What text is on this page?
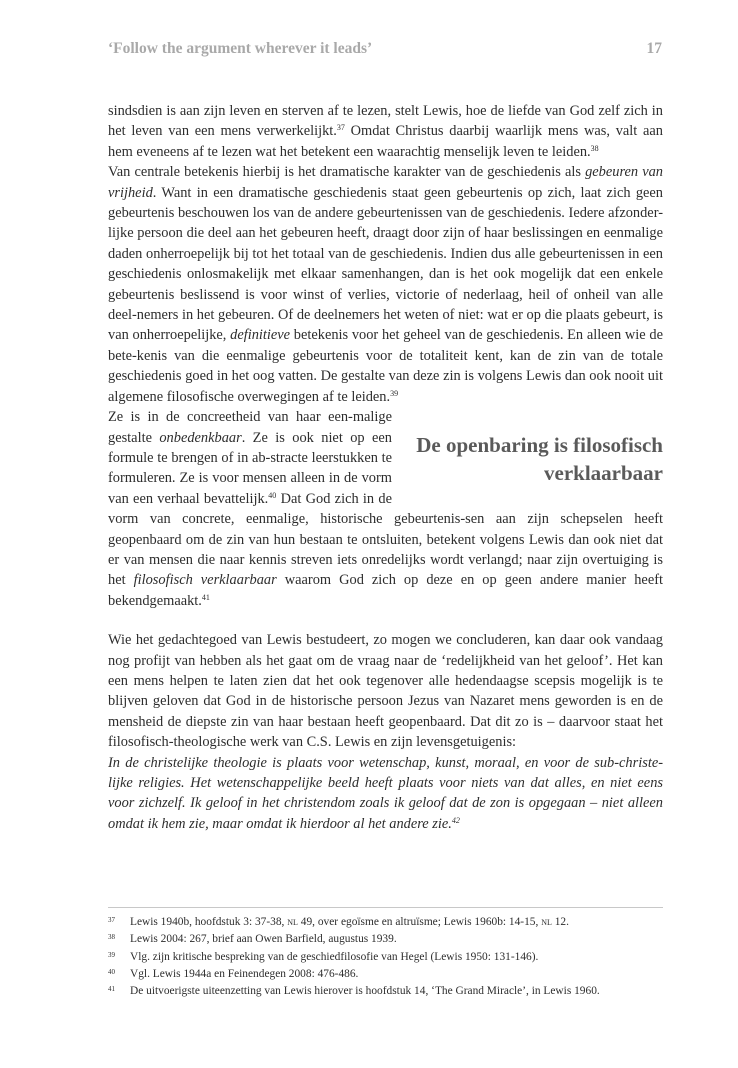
‘Follow the argument wherever it leads’	17

sindsdien is aan zijn leven en sterven af te lezen, stelt Lewis, hoe de liefde van God zelf zich in het leven van een mens verwerkelijkt.$^{37}$ Omdat Christus daarbij waarlijk mens was, valt aan hem eveneens af te lezen wat het betekent een waarachtig menselijk leven te leiden.$^{38}$

Van centrale betekenis hierbij is het dramatische karakter van de geschiedenis als gebeuren van vrijheid. Want in een dramatische geschiedenis staat geen gebeurtenis op zich, laat zich geen gebeurtenis beschouwen los van de andere gebeurtenissen van de geschiedenis. Iedere afzonder-lijke persoon die deel aan het gebeuren heeft, draagt door zijn of haar beslissingen en eenmalige daden onherroepelijk bij tot het totaal van de geschiedenis. Indien dus alle gebeurtenissen in een geschiedenis onlosmakelijk met elkaar samenhangen, dan is het ook mogelijk dat een enkele gebeurtenis beslissend is voor winst of verlies, victorie of nederlaag, heil of onheil van alle deel-nemers in het gebeuren. Of de deelnemers het weten of niet: wat er op die plaats gebeurt, is van onherroepelijke, definitieve betekenis voor het geheel van de geschiedenis. En alleen wie de bete-kenis van die eenmalige gebeurtenis voor de totaliteit kent, kan de zin van de totale geschiedenis goed in het oog vatten. De gestalte van deze zin is volgens Lewis dan ook nooit uit algemene filosofische overwegingen af te leiden.$^{39}$

De openbaring is filosofisch verklaarbaar

Ze is in de concreetheid van haar een-malige gestalte onbedenkbaar. Ze is ook niet op een formule te brengen of in ab-stracte leerstukken te formuleren. Ze is voor mensen alleen in de vorm van een verhaal bevattelijk.$^{40}$ Dat God zich in de vorm van concrete, eenmalige, historische gebeurtenis-sen aan zijn schepselen heeft geopenbaard om de zin van hun bestaan te ontsluiten, betekent volgens Lewis dan ook niet dat er van mensen die naar kennis streven iets onredelijks wordt verlangd; naar zijn overtuiging is het filosofisch verklaarbaar waarom God zich op deze en op geen andere manier heeft bekendgemaakt.$^{41}$

Wie het gedachtegoed van Lewis bestudeert, zo mogen we concluderen, kan daar ook vandaag nog profijt van hebben als het gaat om de vraag naar de ‘redelijkheid van het geloof’. Het kan een mens helpen te laten zien dat het ook tegenover alle hedendaagse scepsis mogelijk is te blijven geloven dat God in de historische persoon Jezus van Nazaret mens geworden is en de mensheid de diepste zin van haar bestaan heeft geopenbaard. Dat dit zo is – daarvoor staat het filosofisch-theologische werk van C.S. Lewis en zijn levensgetuigenis:

In de christelijke theologie is plaats voor wetenschap, kunst, moraal, en voor de sub-christe-lijke religies. Het wetenschappelijke beeld heeft plaats voor niets van dat alles, en niet eens voor zichzelf. Ik geloof in het christendom zoals ik geloof dat de zon is opgegaan – niet alleen omdat ik hem zie, maar omdat ik hierdoor al het andere zie.$^{42}$

37	Lewis 1940b, hoofdstuk 3: 37-38, nl 49, over egoïsme en altruïsme; Lewis 1960b: 14-15, nl 12.
38	Lewis 2004: 267, brief aan Owen Barfield, augustus 1939.
39	Vlg. zijn kritische bespreking van de geschiedfilosofie van Hegel (Lewis 1950: 131-146).
40	Vgl. Lewis 1944a en Feinendegen 2008: 476-486.
41	De uitvoerigste uiteenzetting van Lewis hierover is hoofdstuk 14, ‘The Grand Miracle’, in Lewis 1960.
